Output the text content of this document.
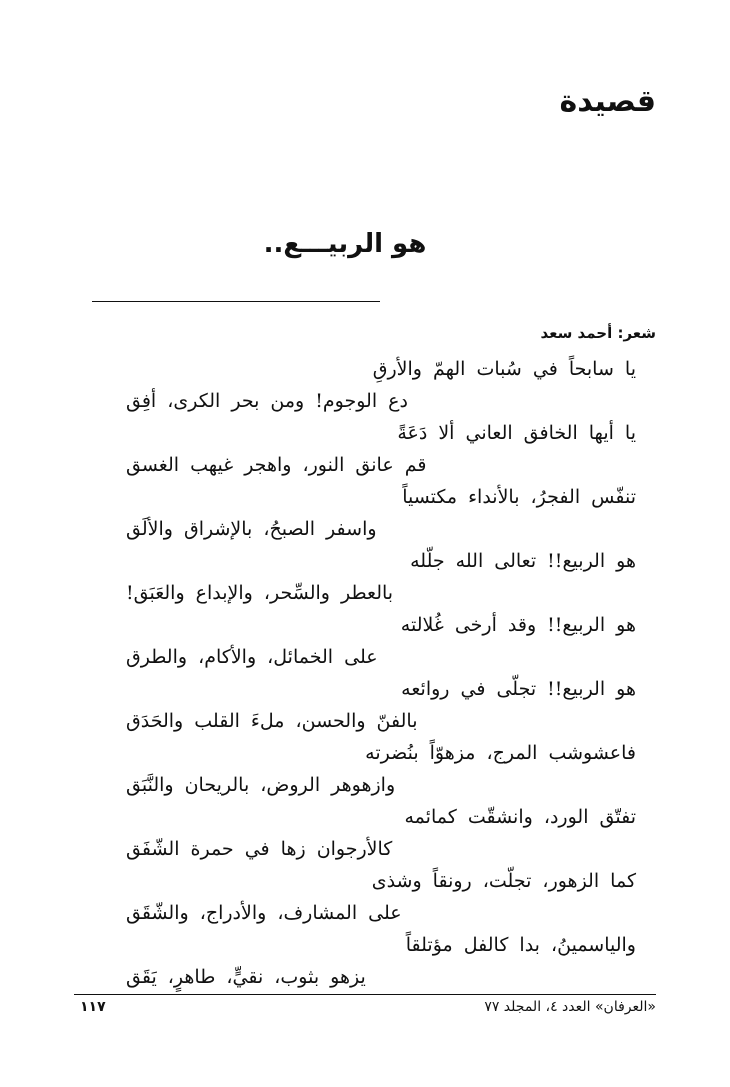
قصيدة
هو الربيـــع..
شعر: أحمد سعد
يا سابحاً في سُبات الهمّ والأرقِ
دع الوجوم! ومن بحر الكرى، أفِق
يا أيها الخافق العاني ألا دَعَةً
قم عانق النور، واهجر غيهب الغسق
تنفّس الفجرُ، بالأنداء مكتسياً
واسفر الصبحُ، بالإشراق والألَق
هو الربيع!! تعالى الله جلّله
بالعطر والسِّحر، والإبداع والعَبَق!
هو الربيع!! وقد أرخى غُلالته
على الخمائل، والأكام، والطرق
هو الربيع!! تجلّى في روائعه
بالفنّ والحسن، ملءَ القلب والحَدَق
فاعشوشب المرج، مزهوّاً بنُضرته
وازهوهر الروض، بالريحان والنَّبَق
تفتّق الورد، وانشقّت كمائمه
كالأرجوان زها في حمرة الشّفَق
كما الزهور، تجلّت، رونقاً وشذى
على المشارف، والأدراج، والشّقَق
والياسمينُ، بدا كالفل مؤتلقاً
يزهو بثوب، نقيٍّ، طاهرٍ، يَقَق
«العرفان» العدد ٤، المجلد ٧٧
١١٧
